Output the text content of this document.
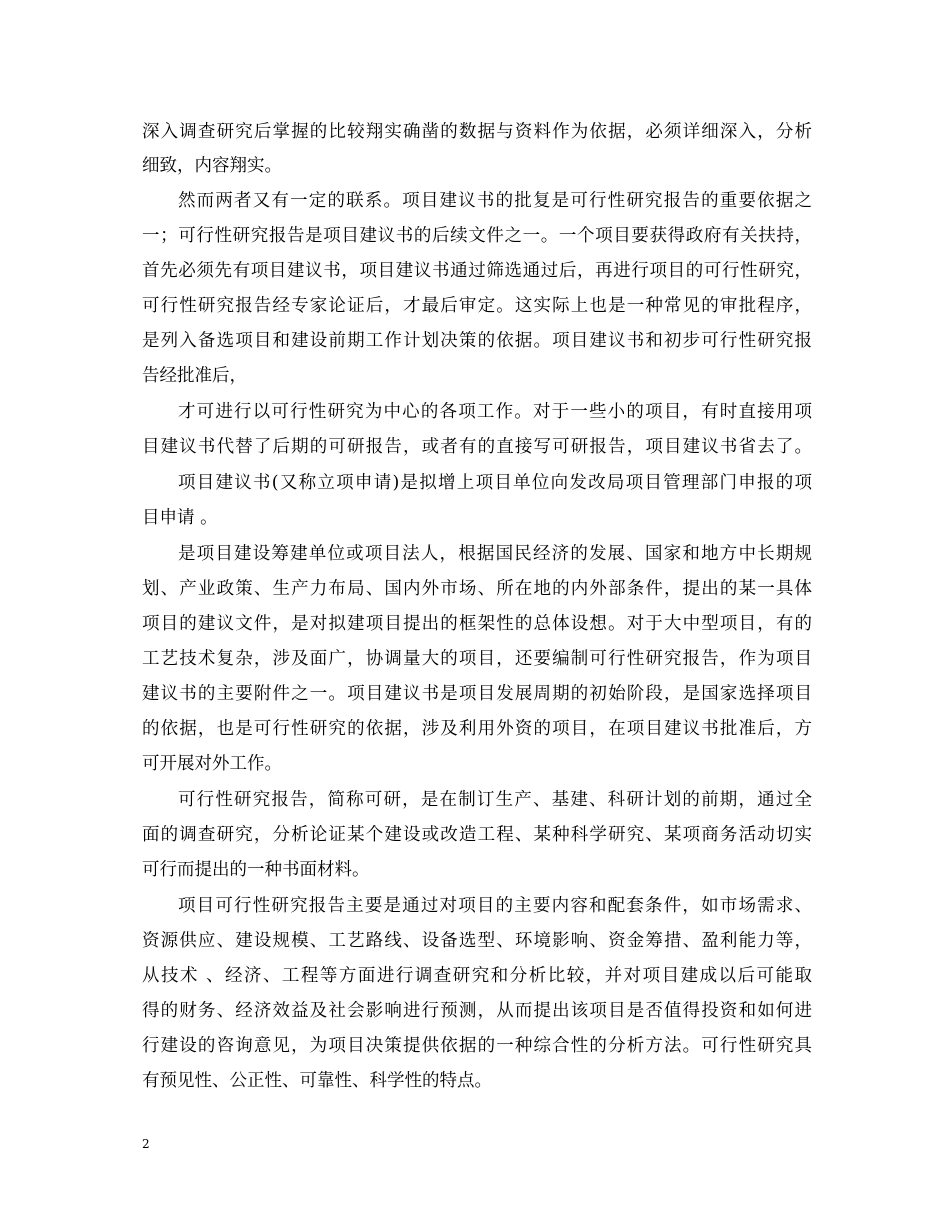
深入调查研究后掌握的比较翔实确凿的数据与资料作为依据，必须详细深入，分析
细致，内容翔实。
然而两者又有一定的联系。项目建议书的批复是可行性研究报告的重要依据之
一；可行性研究报告是项目建议书的后续文件之一。一个项目要获得政府有关扶持，
首先必须先有项目建议书，项目建议书通过筛选通过后，再进行项目的可行性研究，
可行性研究报告经专家论证后，才最后审定。这实际上也是一种常见的审批程序，
是列入备选项目和建设前期工作计划决策的依据。项目建议书和初步可行性研究报
告经批准后，
才可进行以可行性研究为中心的各项工作。对于一些小的项目，有时直接用项
目建议书代替了后期的可研报告，或者有的直接写可研报告，项目建议书省去了。
项目建议书(又称立项申请)是拟增上项目单位向发改局项目管理部门申报的项
目申请 。
是项目建设筹建单位或项目法人，根据国民经济的发展、国家和地方中长期规
划、产业政策、生产力布局、国内外市场、所在地的内外部条件，提出的某一具体
项目的建议文件，是对拟建项目提出的框架性的总体设想。对于大中型项目，有的
工艺技术复杂，涉及面广，协调量大的项目，还要编制可行性研究报告，作为项目
建议书的主要附件之一。项目建议书是项目发展周期的初始阶段，是国家选择项目
的依据，也是可行性研究的依据，涉及利用外资的项目，在项目建议书批准后，方
可开展对外工作。
可行性研究报告，简称可研，是在制订生产、基建、科研计划的前期，通过全
面的调查研究，分析论证某个建设或改造工程、某种科学研究、某项商务活动切实
可行而提出的一种书面材料。
项目可行性研究报告主要是通过对项目的主要内容和配套条件，如市场需求、
资源供应、建设规模、工艺路线、设备选型、环境影响、资金筹措、盈利能力等，
从技术 、经济、工程等方面进行调查研究和分析比较，并对项目建成以后可能取
得的财务、经济效益及社会影响进行预测，从而提出该项目是否值得投资和如何进
行建设的咨询意见，为项目决策提供依据的一种综合性的分析方法。可行性研究具
有预见性、公正性、可靠性、科学性的特点。
2
